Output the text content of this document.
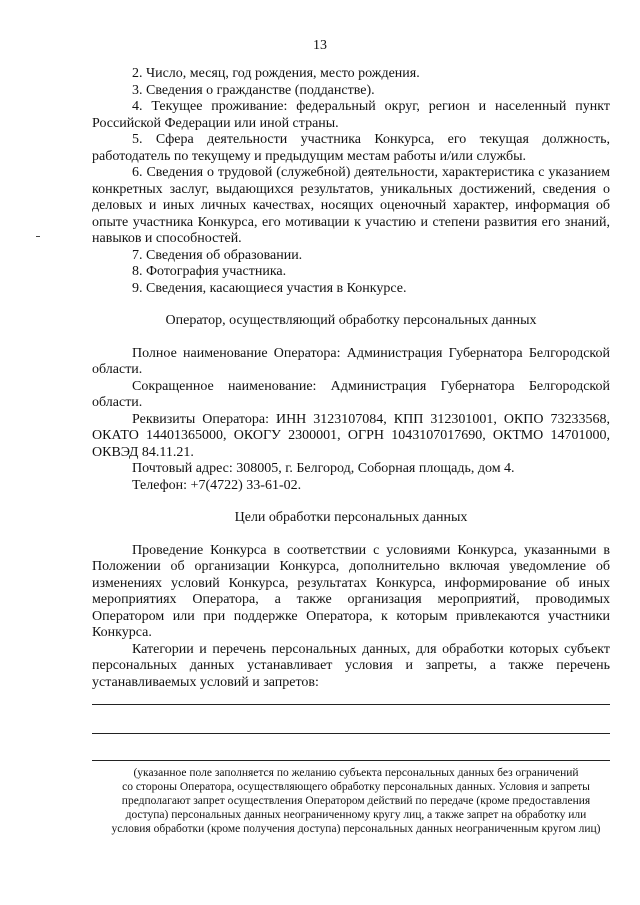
13

2. Число, месяц, год рождения, место рождения.

3. Сведения о гражданстве (подданстве).

4. Текущее проживание: федеральный округ, регион и населенный пункт Российской Федерации или иной страны.

5. Сфера деятельности участника Конкурса, его текущая должность, работодатель по текущему и предыдущим местам работы и/или службы.

6. Сведения о трудовой (служебной) деятельности, характеристика с указанием конкретных заслуг, выдающихся результатов, уникальных достижений, сведения о деловых и иных личных качествах, носящих оценочный характер, информация об опыте участника Конкурса, его мотивации к участию и степени развития его знаний, навыков и способностей.

7. Сведения об образовании.

8. Фотография участника.

9. Сведения, касающиеся участия в Конкурсе.

Оператор, осуществляющий обработку персональных данных

Полное наименование Оператора: Администрация Губернатора Белгородской области.

Сокращенное наименование: Администрация Губернатора Белгородской области.

Реквизиты Оператора: ИНН 3123107084, КПП 312301001, ОКПО 73233568, ОКАТО 14401365000, ОКОГУ 2300001, ОГРН 1043107017690, ОКТМО 14701000, ОКВЭД 84.11.21.

Почтовый адрес: 308005, г. Белгород, Соборная площадь, дом 4.

Телефон: +7(4722) 33-61-02.

Цели обработки персональных данных

Проведение Конкурса в соответствии с условиями Конкурса, указанными в Положении об организации Конкурса, дополнительно включая уведомление об изменениях условий Конкурса, результатах Конкурса, информирование об иных мероприятиях Оператора, а также организация мероприятий, проводимых Оператором или при поддержке Оператора, к которым привлекаются участники Конкурса.

Категории и перечень персональных данных, для обработки которых субъект персональных данных устанавливает условия и запреты, а также перечень устанавливаемых условий и запретов:

(указанное поле заполняется по желанию субъекта персональных данных без ограничений
со стороны Оператора, осуществляющего обработку персональных данных. Условия и запреты
предполагают запрет осуществления Оператором действий по передаче (кроме предоставления
доступа) персональных данных неограниченному кругу лиц, а также запрет на обработку или
условия обработки (кроме получения доступа) персональных данных неограниченным кругом лиц)
